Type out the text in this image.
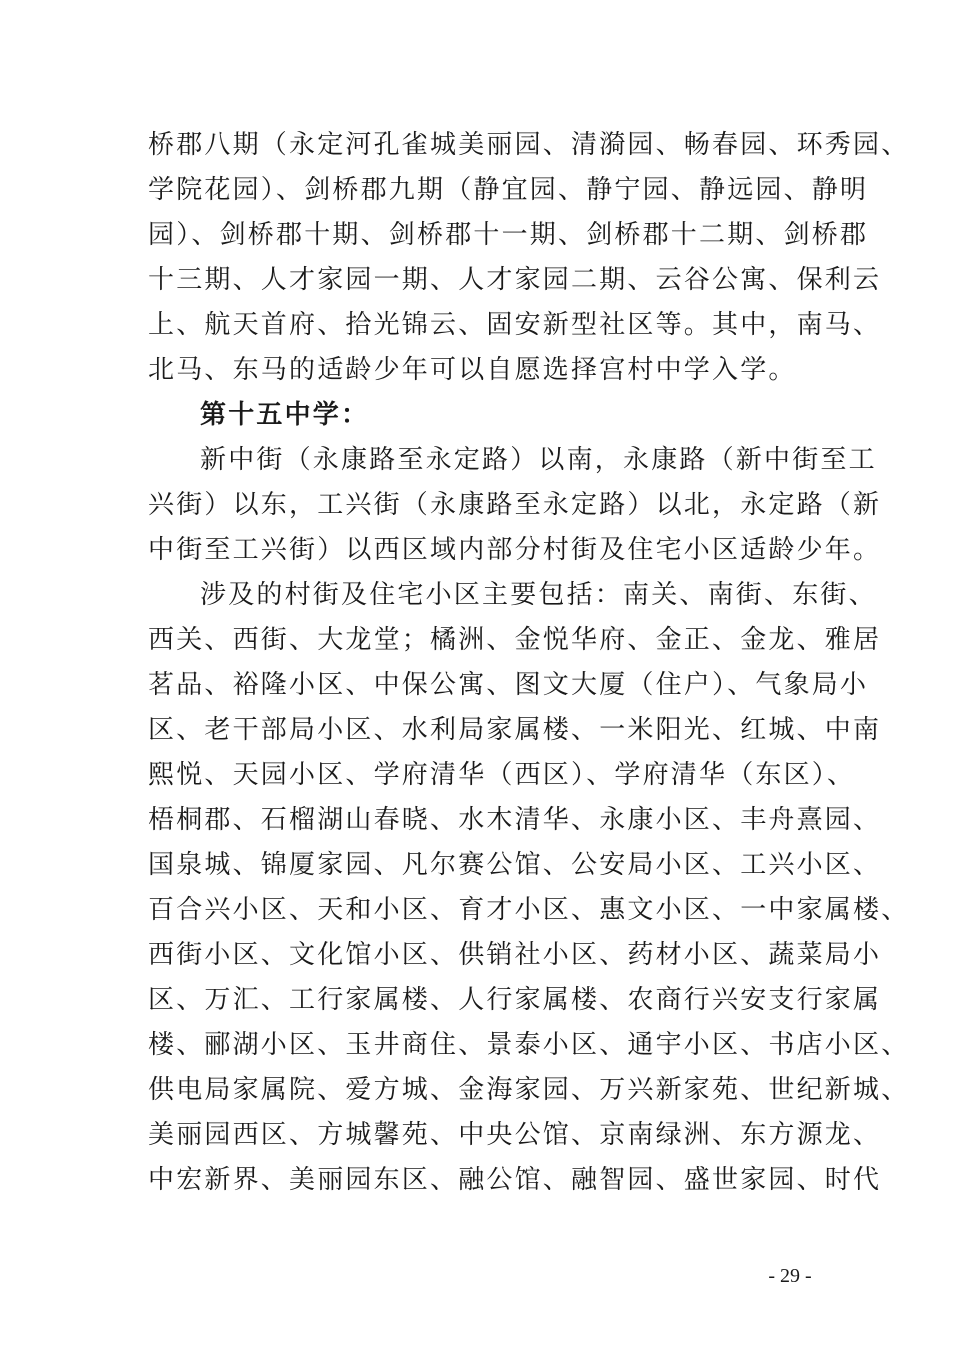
桥郡八期（永定河孔雀城美丽园、清漪园、畅春园、环秀园、
学院花园）、剑桥郡九期（静宜园、静宁园、静远园、静明
园）、剑桥郡十期、剑桥郡十一期、剑桥郡十二期、剑桥郡
十三期、人才家园一期、人才家园二期、云谷公寓、保利云
上、航天首府、拾光锦云、固安新型社区等。其中，南马、
北马、东马的适龄少年可以自愿选择宫村中学入学。
第十五中学：
新中街（永康路至永定路）以南，永康路（新中街至工
兴街）以东，工兴街（永康路至永定路）以北，永定路（新
中街至工兴街）以西区域内部分村街及住宅小区适龄少年。
涉及的村街及住宅小区主要包括：南关、南街、东街、
西关、西街、大龙堂；橘洲、金悦华府、金正、金龙、雅居
茗品、裕隆小区、中保公寓、图文大厦（住户）、气象局小
区、老干部局小区、水利局家属楼、一米阳光、红城、中南
熙悦、天园小区、学府清华（西区）、学府清华（东区）、
梧桐郡、石榴湖山春晓、水木清华、永康小区、丰舟熹园、
国泉城、锦厦家园、凡尔赛公馆、公安局小区、工兴小区、
百合兴小区、天和小区、育才小区、惠文小区、一中家属楼、
西街小区、文化馆小区、供销社小区、药材小区、蔬菜局小
区、万汇、工行家属楼、人行家属楼、农商行兴安支行家属
楼、郦湖小区、玉井商住、景泰小区、通宇小区、书店小区、
供电局家属院、爱方城、金海家园、万兴新家苑、世纪新城、
美丽园西区、方城馨苑、中央公馆、京南绿洲、东方源龙、
中宏新界、美丽园东区、融公馆、融智园、盛世家园、时代
- 29 -
